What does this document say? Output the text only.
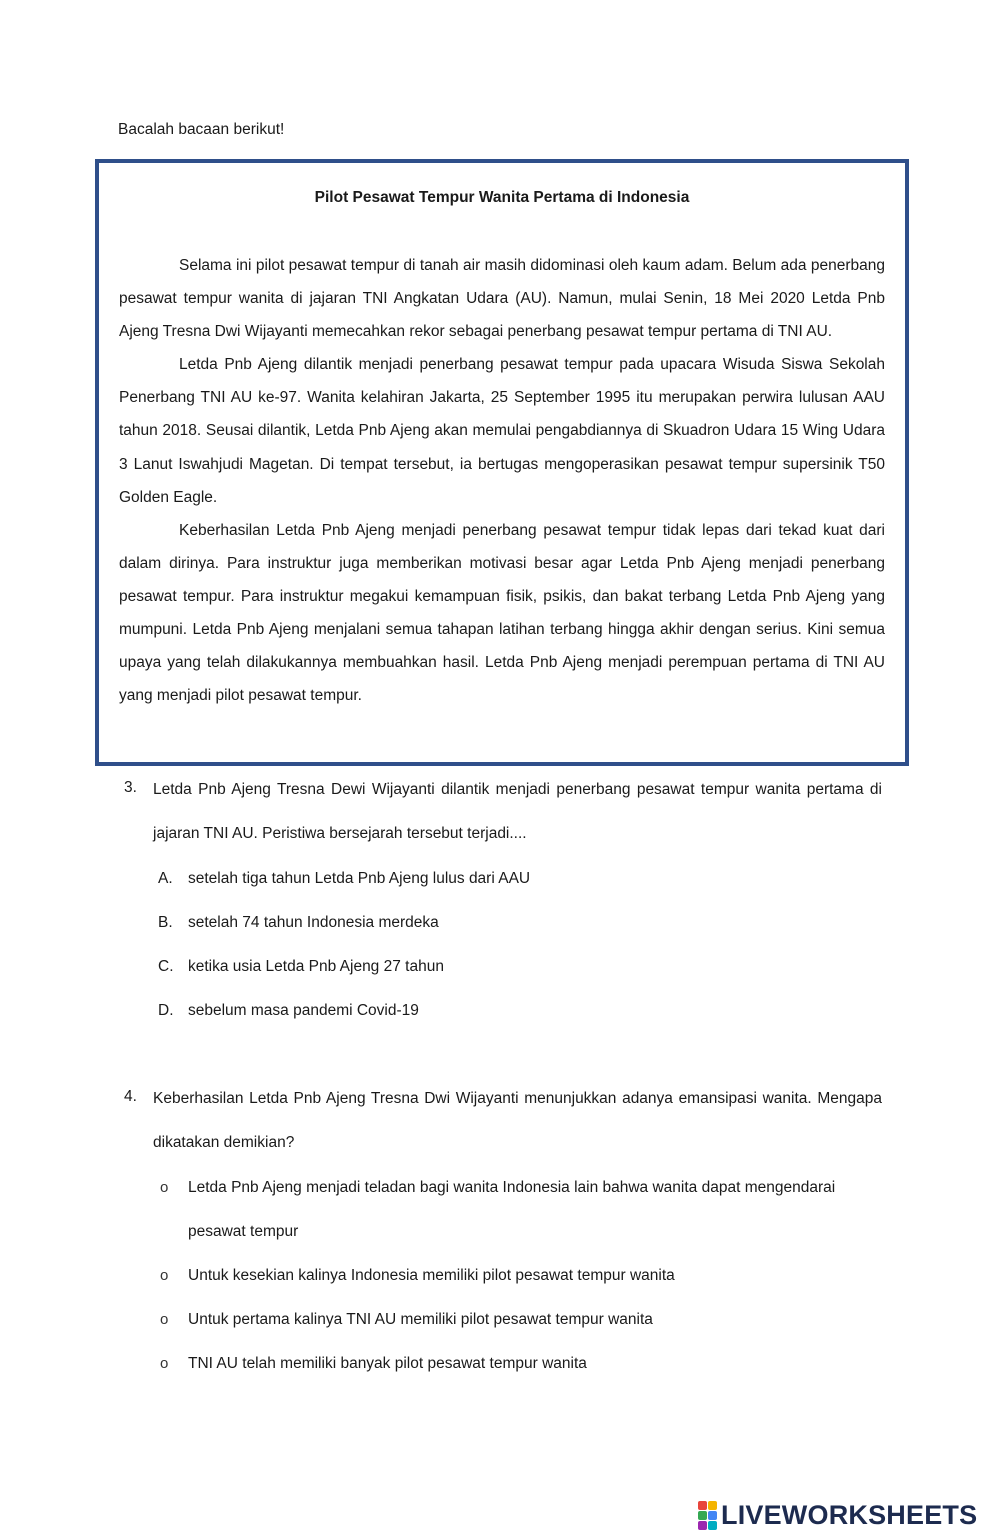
Bacalah bacaan berikut!
Pilot Pesawat Tempur Wanita Pertama di Indonesia

Selama ini pilot pesawat tempur di tanah air masih didominasi oleh kaum adam. Belum ada penerbang pesawat tempur wanita di jajaran TNI Angkatan Udara (AU). Namun, mulai Senin, 18 Mei 2020 Letda Pnb Ajeng Tresna Dwi Wijayanti memecahkan rekor sebagai penerbang pesawat tempur pertama di TNI AU.

Letda Pnb Ajeng dilantik menjadi penerbang pesawat tempur pada upacara Wisuda Siswa Sekolah Penerbang TNI AU ke-97. Wanita kelahiran Jakarta, 25 September 1995 itu merupakan perwira lulusan AAU tahun 2018. Seusai dilantik, Letda Pnb Ajeng akan memulai pengabdiannya di Skuadron Udara 15 Wing Udara 3 Lanut Iswahjudi Magetan. Di tempat tersebut, ia bertugas mengoperasikan pesawat tempur supersinik T50 Golden Eagle.

Keberhasilan Letda Pnb Ajeng menjadi penerbang pesawat tempur tidak lepas dari tekad kuat dari dalam dirinya. Para instruktur juga memberikan motivasi besar agar Letda Pnb Ajeng menjadi penerbang pesawat tempur. Para instruktur megakui kemampuan fisik, psikis, dan bakat terbang Letda Pnb Ajeng yang mumpuni. Letda Pnb Ajeng menjalani semua tahapan latihan terbang hingga akhir dengan serius. Kini semua upaya yang telah dilakukannya membuahkan hasil. Letda Pnb Ajeng menjadi perempuan pertama di TNI AU yang menjadi pilot pesawat tempur.

3. Letda Pnb Ajeng Tresna Dewi Wijayanti dilantik menjadi penerbang pesawat tempur wanita pertama di jajaran TNI AU. Peristiwa bersejarah tersebut terjadi....
A. setelah tiga tahun Letda Pnb Ajeng lulus dari AAU
B. setelah 74 tahun Indonesia merdeka
C. ketika usia Letda Pnb Ajeng 27 tahun
D. sebelum masa pandemi Covid-19
4. Keberhasilan Letda Pnb Ajeng Tresna Dwi Wijayanti menunjukkan adanya emansipasi wanita. Mengapa dikatakan demikian?
o Letda Pnb Ajeng menjadi teladan bagi wanita Indonesia lain bahwa wanita dapat mengendarai pesawat tempur
o Untuk kesekian kalinya Indonesia memiliki pilot pesawat tempur wanita
o Untuk pertama kalinya TNI AU memiliki pilot pesawat tempur wanita
o TNI AU telah memiliki banyak pilot pesawat tempur wanita
LIVEWORKSHEETS
